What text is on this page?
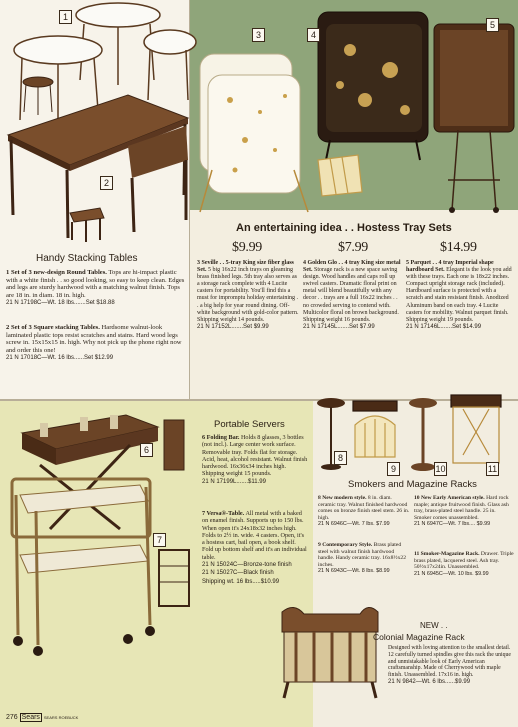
1
2
Handy Stacking Tables
1 Set of 3 new-design Round Tables. Tops are hi-impact plastic with a white finish . . so good looking, so easy to keep clean. Edges and legs are sturdy hardwood with a matching walnut finish. Tops are 18 in. in diam. 18 in. high.
21 N 17198C—Wt. 18 lbs.......Set $18.88
2 Set of 3 Square stacking Tables. Hardsome walnut-look laminated plastic tops resist scratches and stains. Hard wood legs screw in. 15x15x15 in. high. Why not pick up the phone right now and order this one!
21 N 17018C—Wt. 16 lbs......Set $12.99
3	4
5
An entertaining idea . . Hostess Tray Sets
$9.99	$7.99	$14.99
3 Seville . . 5-tray King size fiber glass Set. 5 big 16x22 inch trays on gleaming brass finished legs. 5th tray also serves as a storage rack complete with 4 Lucite casters for portability. You'll find this a must for impromptu holiday entertaining . . a big help for year round dining. Off-white background with gold-color pattern. Shipping weight 14 pounds.
21 N 17152L.......Set $9.99
4 Golden Glo . . 4 tray King size metal Set. Storage rack is a new space saving design. Wood handles and caps roll up swivel casters. Dramatic floral print on metal will blend beautifully with any decor . . trays are a full 16x22 inches . . no crowded serving to contend with. Multicolor floral on brown background. Shipping weight 16 pounds.
21 N 17145L.......Set $7.99
5 Parquet . . 4 tray Imperial shape hardboard Set. Elegant is the look you add with these trays. Each one is 18x22 inches. Compact upright storage rack (included). Hardboard surface is protected with a scratch and stain resistant finish. Anodized Aluminum band on each tray. 4 Lucite casters for mobility. Walnut parquet finish. Shipping weight 19 pounds.
21 N 17146L.......Set $14.99
6
7
Portable Servers
6 Folding Bar. Holds 8 glasses, 3 bottles (not incl.). Large center work surface. Removable tray. Folds flat for storage. Acid, heat, alcohol resistant. Walnut finish hardwood. 16x36x34 inches high. Shipping weight 15 pounds.
21 N 17199L.......$11.99
7 Versa®-Table. All metal with a baked on enamel finish. Supports up to 150 lbs. When open it's 24x18x32 inches high. Folds to 2½ in. wide. 4 casters. Open, it's a hostess cart, bail open, a book shelf. Fold up bottom shelf and it's an individual table.
21 N 15024C—Bronze-tone finish
21 N 15027C—Black finish
Shipping wt. 16 lbs.....$10.99
8
9	10	11
Smokers and Magazine Racks
8 New modern style. 8 in. diam. ceramic tray. Walnut finished hardwood comes on bronze finish steel stem. 26 in. high.
21 N 6946C—Wt. 7 lbs. $7.99
9 Contemporary Style. Brass plated steel with walnut finish hardwood handle. Handy ceramic tray. 16x8½x22 inches.
21 N 6943C—Wt. 8 lbs. $8.99
10 New Early American style. Hard rock maple; antique fruitwood finish. Glass ash tray, brass-plated steel handle. 25 in. Smoker comes unassembled.
21 N 6947C—Wt. 7 lbs.... $9.99
11 Smoker-Magazine Rack. Drawer. Triple brass plated, lacquered steel. Ash tray. 50½x17x24in. Unassembled.
21 N 6945C—Wt. 10 lbs. $9.99
NEW . .
Colonial Magazine Rack
Designed with loving attention to the smallest detail. 12 carefully turned spindles give this rack the unique and unmistakable look of Early American craftsmanship. Made of Cherrywood with maple finish. Unassembled. 17x16 in. high.
21 N 9842—Wt. 6 lbs......$9.99
276 Sears SEARS ROEBUCK
